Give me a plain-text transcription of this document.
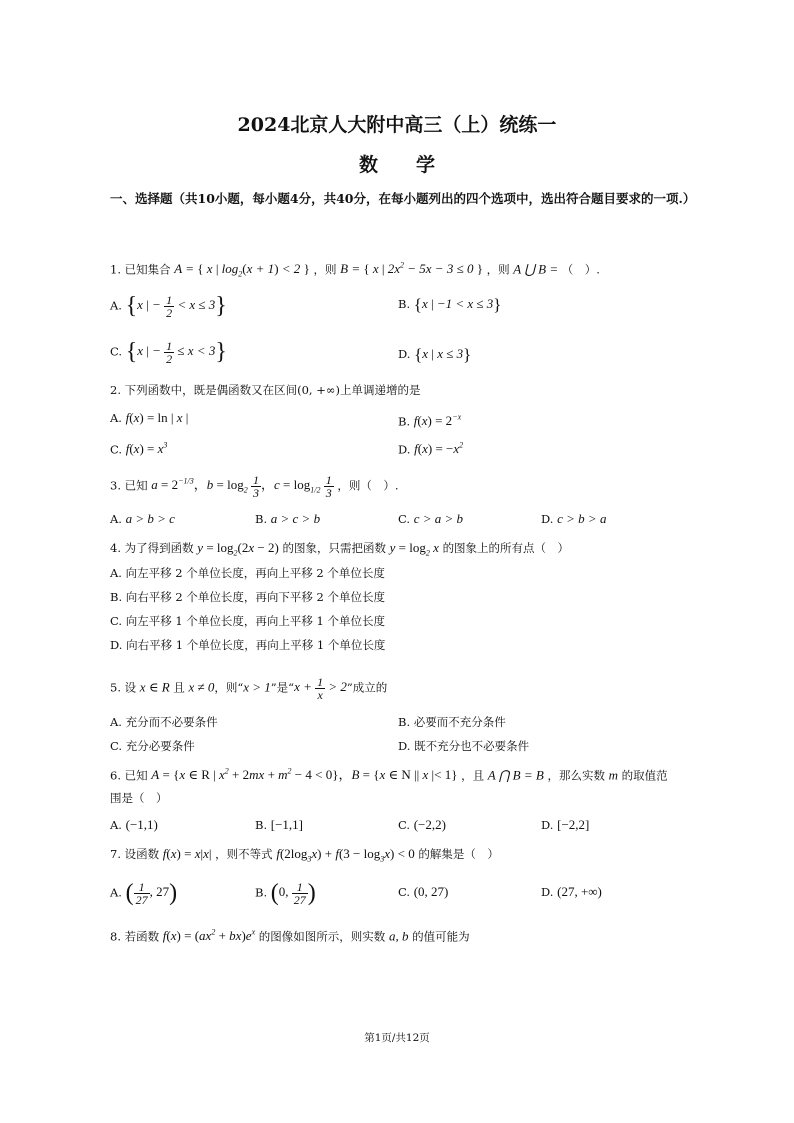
2024北京人大附中高三（上）统练一
数　　学
一、选择题（共10小题，每小题4分，共40分，在每小题列出的四个选项中，选出符合题目要求的一项.）
1. 已知集合 A = { x | $\log_2(x + 1) < 2$ } ，则 B = { x | $2x^2 - 5x - 3 \le 0$ } ，则 A ⋃ B = （　）.
A. {x | − $\frac{1}{2} < x \le 3$}	B. {x | −1 < x ≤ 3}
C. {x | − $\frac{1}{2} \le x < 3$}	D. {x | x ≤ 3}
2. 下列函数中，既是偶函数又在区间(0, +∞)上单调递增的是
A. f(x) = ln | x |	B. $f(x) = 2^{-x}$
C. $f(x) = x^3$	D. $f(x) = -x^2$
3. 已知 $a = 2^{-1/3}$，$b = \log_2 \frac{1}{3}$ ，$c = \log_{1/2} \frac{1}{3}$ ，则（　）.
A. a > b > c	B. a > c > b	C. c > a > b	D. c > b > a
4. 为了得到函数 $y = \log_2(2x - 2)$ 的图象，只需把函数 $y = \log_2 x$ 的图象上的所有点（　）
A. 向左平移 2 个单位长度，再向上平移 2 个单位长度
B. 向右平移 2 个单位长度，再向下平移 2 个单位长度
C. 向左平移 1 个单位长度，再向上平移 1 个单位长度
D. 向右平移 1 个单位长度，再向上平移 1 个单位长度
5. 设 x ∈ R 且 x ≠ 0，则“x > 1”是“$x + \frac{1}{x} > 2$”成立的
A. 充分而不必要条件	B. 必要而不充分条件
C. 充分必要条件	D. 既不充分也不必要条件
6. 已知 A = {x ∈ R | $x^2 + 2mx + m^2 - 4 < 0$}，B = {x ∈ N || x |< 1} ，且 A ⋂ B = B ，那么实数 m 的取值范
围是（　）
A. (−1,1)	B. [−1,1]	C. (−2,2)	D. [−2,2]
7. 设函数 f(x) = x|x| ，则不等式 $f(2\log_3x) + f(3 - \log_3x) < 0$ 的解集是（　）
A. ( $\frac{1}{27}$ , 27)	B. (0, $\frac{1}{27}$ )	C. (0, 27)	D. (27, +∞)
8. 若函数 $f(x) = (ax^2 + bx)e^x$ 的图像如图所示，则实数 a, b 的值可能为
第1页/共12页
